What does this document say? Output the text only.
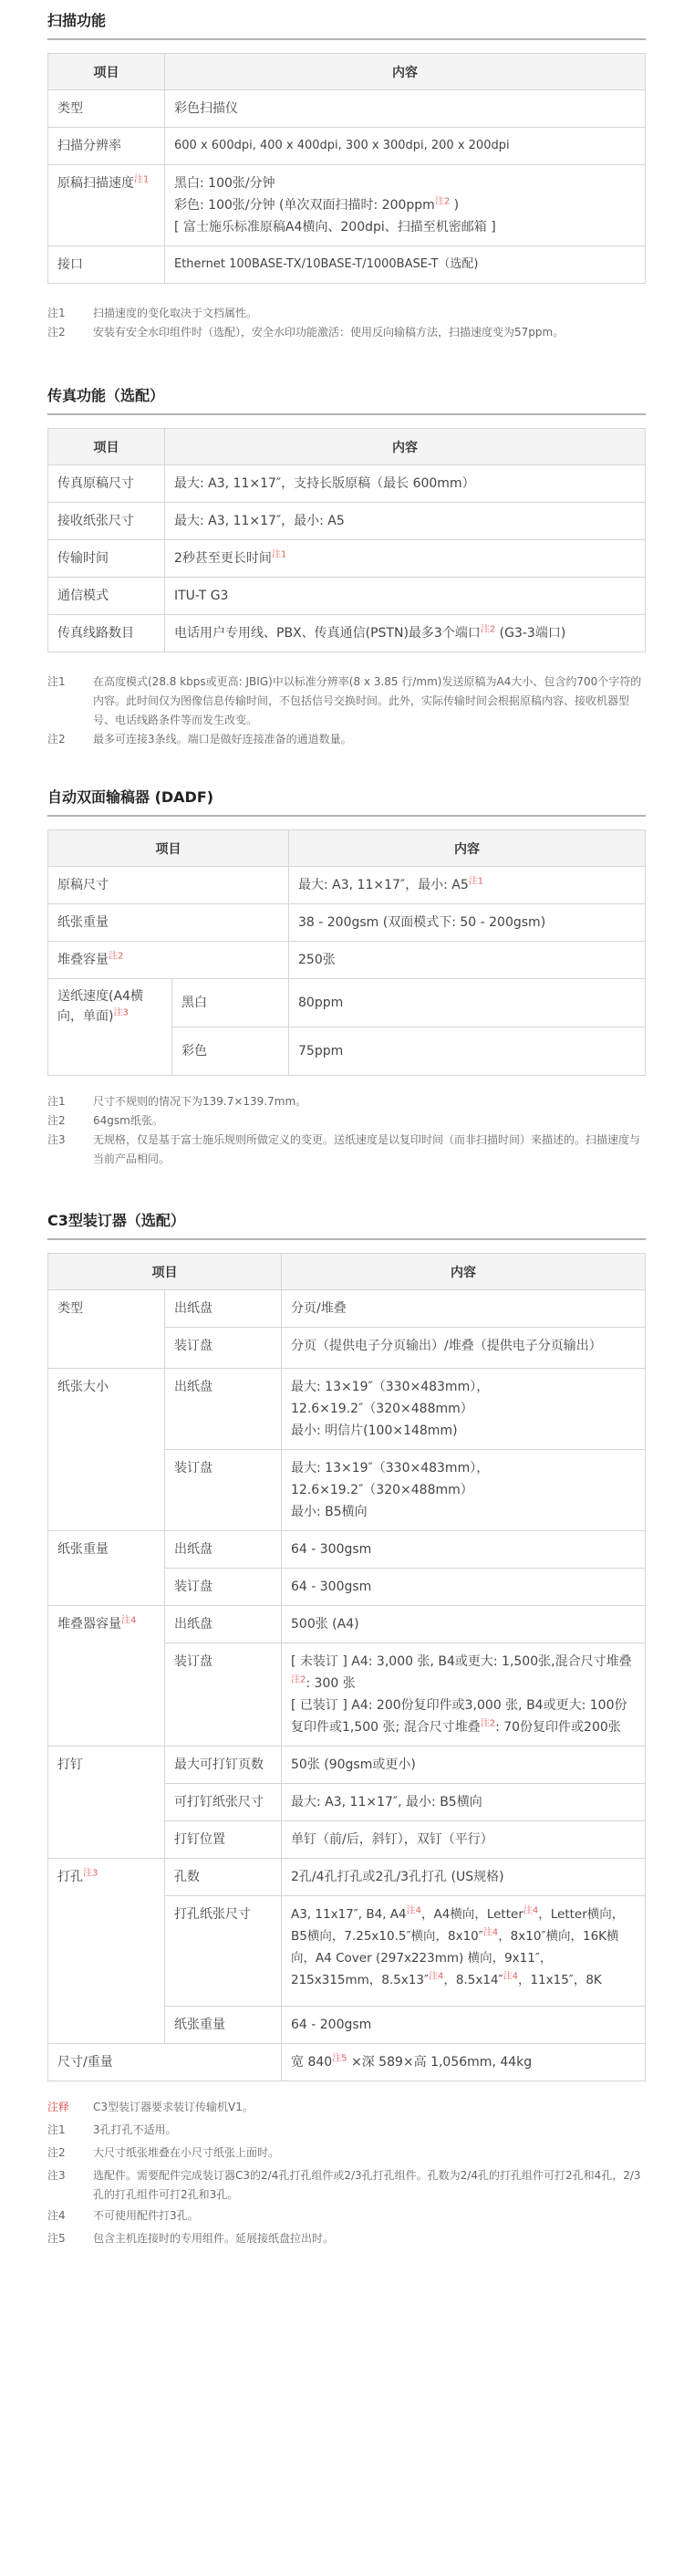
扫描功能
项目	内容
类型	彩色扫描仪
扫描分辨率	600 x 600dpi, 400 x 400dpi, 300 x 300dpi, 200 x 200dpi
原稿扫描速度$^{注1}$	黑白: 100张/分钟
彩色: 100张/分钟 (单次双面扫描时: 200ppm$^{注2}$ )
[ 富士施乐标准原稿A4横向、200dpi、扫描至机密邮箱 ]

接口	Ethernet 100BASE-TX/10BASE-T/1000BASE-T（选配)
注1	扫描速度的变化取决于文档属性。
注2	安装有安全水印组件时（选配），安全水印功能激活：使用反向输稿方法，扫描速度变为57ppm。
传真功能（选配）
项目	内容
传真原稿尺寸	最大: A3, 11×17″，支持长版原稿（最长 600mm）
接收纸张尺寸	最大: A3, 11×17″，最小: A5
传输时间	2秒甚至更长时间$^{注1}$
通信模式	ITU-T G3
传真线路数目	电话用户专用线、PBX、传真通信(PSTN)最多3个端口$^{注2}$ (G3-3端口)
注1	在高度模式(28.8 kbps或更高: JBIG)中以标准分辨率(8 x 3.85 行/mm)发送原稿为A4大小、包含约700个字符的内容。此时间仅为图像信息传输时间，不包括信号交换时间。此外，实际传输时间会根据原稿内容、接收机器型号、电话线路条件等而发生改变。
注2	最多可连接3条线。端口是做好连接准备的通道数量。
自动双面输稿器 (DADF)
项目		内容
原稿尺寸		最大: A3, 11×17″，最小: A5$^{注1}$
纸张重量		38 - 200gsm (双面模式下: 50 - 200gsm)
堆叠容量$^{注2}$		250张
送纸速度(A4横向，单面)$^{注3}$	黑白	80ppm
	彩色	75ppm
注1	尺寸不规则的情况下为139.7×139.7mm。
注2	64gsm纸张。
注3	无规格，仅是基于富士施乐规则所做定义的变更。送纸速度是以复印时间（而非扫描时间）来描述的。扫描速度与当前产品相同。
C3型装订器（选配）
项目		内容
类型	出纸盘	分页/堆叠
	装订盘	分页（提供电子分页输出）/堆叠（提供电子分页输出）
纸张大小	出纸盘	最大: 13×19″（330×483mm），12.6×19.2″（320×488mm）
最小: 明信片(100×148mm)

	装订盘	最大: 13×19″（330×483mm），12.6×19.2″（320×488mm）
最小: B5横向

纸张重量	出纸盘	64 - 300gsm
	装订盘	64 - 300gsm
堆叠器容量$^{注4}$	出纸盘	500张 (A4)
	装订盘	[ 未装订 ] A4: 3,000 张, B4或更大: 1,500张,混合尺寸堆叠$^{注2}$: 300 张
[ 已装订 ] A4: 200份复印件或3,000 张, B4或更大: 100份复印件或1,500 张; 混合尺寸堆叠$^{注2}$: 70份复印件或200张

打钉	最大可打钉页数	50张 (90gsm或更小)
	可打钉纸张尺寸	最大: A3, 11×17″, 最小: B5横向
	打钉位置	单钉（前/后，斜钉），双钉（平行）
打孔$^{注3}$	孔数	2孔/4孔打孔或2孔/3孔打孔 (US规格)
	打孔纸张尺寸	A3, 11x17″, B4, A4$^{注4}$，A4横向，Letter$^{注4}$，Letter横向，B5横向，7.25x10.5″横向，8x10″$^{注4}$，8x10″横向，16K横向，A4 Cover (297x223mm) 横向，9x11″，215x315mm，8.5x13″$^{注4}$，8.5x14″$^{注4}$，11x15″，8K
	纸张重量	64 - 200gsm
尺寸/重量		宽 $840^{注5}$ ×深 589×高 1,056mm, 44kg
注释	C3型装订器要求装订传输机V1。
注1	3孔打孔不适用。
注2	大尺寸纸张堆叠在小尺寸纸张上面时。
注3	选配件。需要配件完成装订器C3的2/4孔打孔组件或2/3孔打孔组件。孔数为2/4孔的打孔组件可打2孔和4孔，2/3孔的打孔组件可打2孔和3孔。
注4	不可使用配件打3孔。
注5	包含主机连接时的专用组件。延展接纸盘拉出时。
